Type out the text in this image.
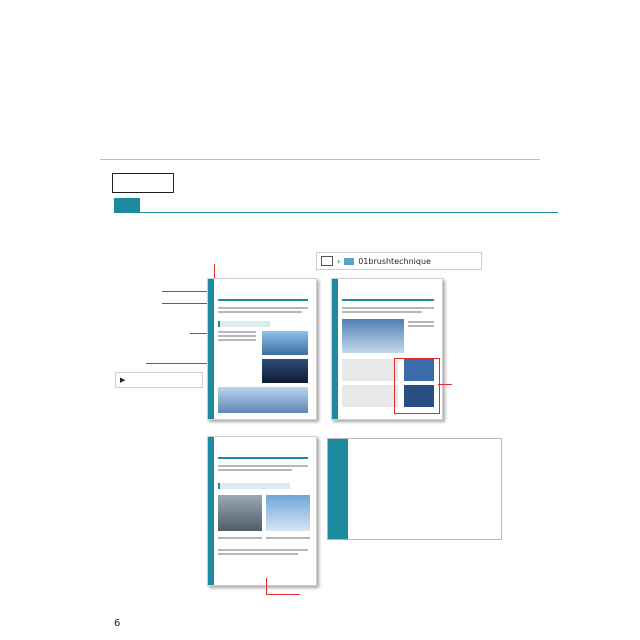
▶
› 01brushtechnique
6
